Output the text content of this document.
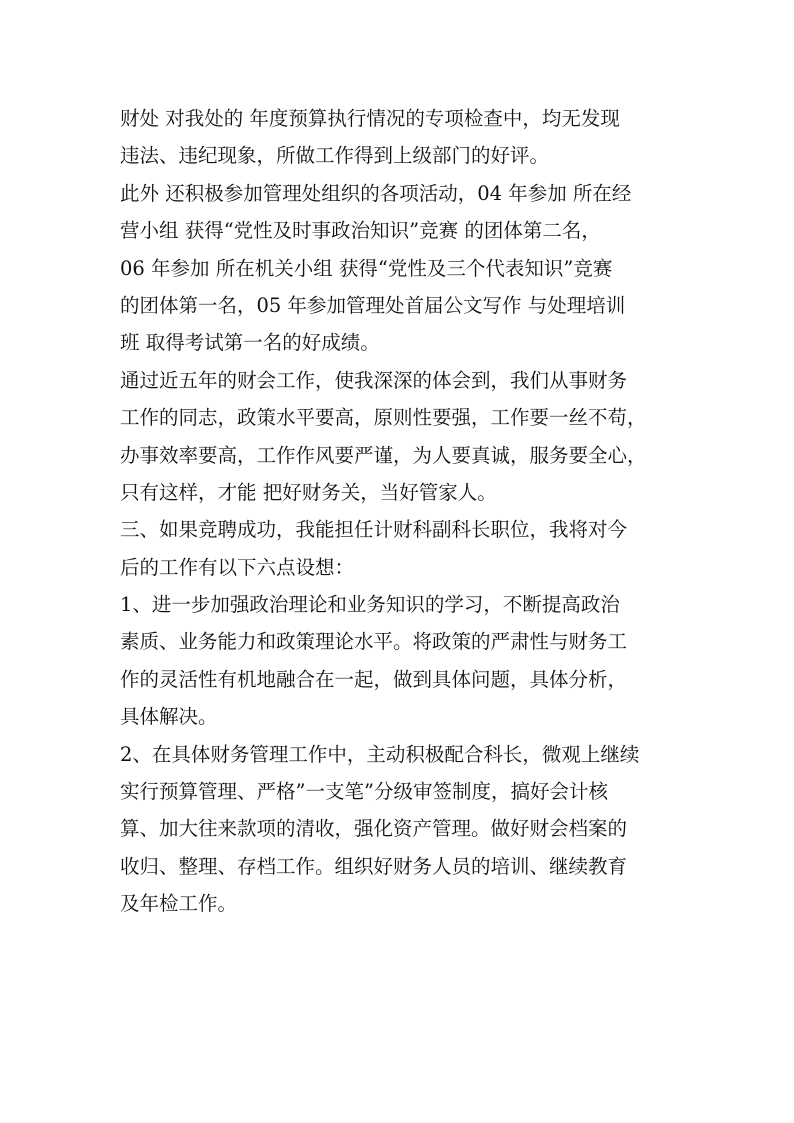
财处 对我处的 年度预算执行情况的专项检查中，均无发现
违法、违纪现象，所做工作得到上级部门的好评。

此外 还积极参加管理处组织的各项活动，04 年参加 所在经
营小组 获得“党性及时事政治知识”竞赛 的团体第二名，
06 年参加 所在机关小组 获得“党性及三个代表知识”竞赛
的团体第一名，05 年参加管理处首届公文写作 与处理培训
班 取得考试第一名的好成绩。

通过近五年的财会工作，使我深深的体会到，我们从事财务
工作的同志，政策水平要高，原则性要强，工作要一丝不苟，
办事效率要高，工作作风要严谨，为人要真诚，服务要全心，
只有这样，才能 把好财务关，当好管家人。

三、如果竞聘成功，我能担任计财科副科长职位，我将对今
后的工作有以下六点设想：

1、进一步加强政治理论和业务知识的学习，不断提高政治
素质、业务能力和政策理论水平。将政策的严肃性与财务工
作的灵活性有机地融合在一起，做到具体问题，具体分析，
具体解决。

2、在具体财务管理工作中，主动积极配合科长，微观上继续
实行预算管理、严格”一支笔”分级审签制度，搞好会计核
算、加大往来款项的清收，强化资产管理。做好财会档案的
收归、整理、存档工作。组织好财务人员的培训、继续教育
及年检工作。
